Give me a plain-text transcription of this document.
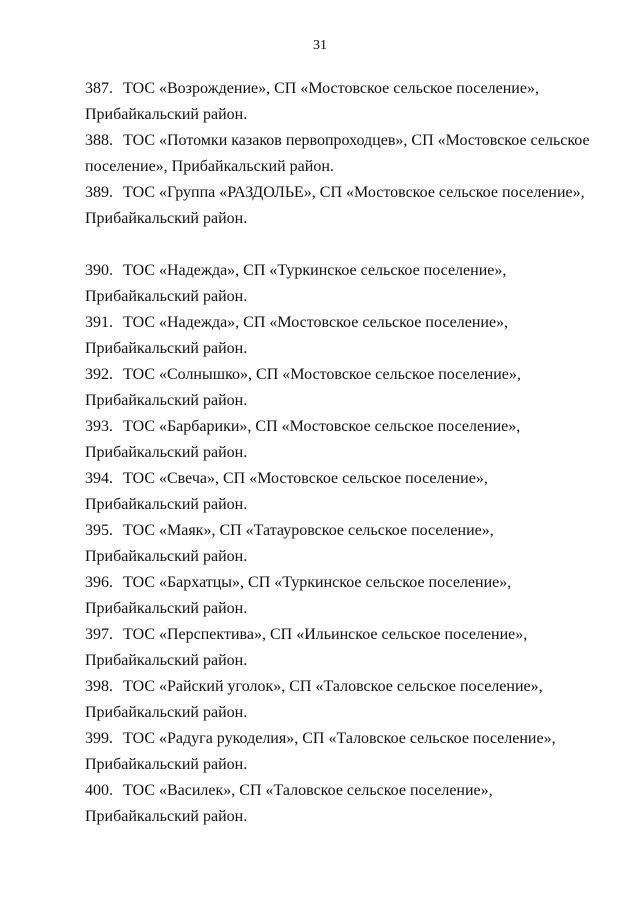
31
387. ТОС «Возрождение», СП «Мостовское сельское поселение»,
Прибайкальский район.
388. ТОС «Потомки казаков первопроходцев», СП «Мостовское сельское
поселение», Прибайкальский район.
389. ТОС «Группа «РАЗДОЛЬЕ», СП «Мостовское сельское поселение»,
Прибайкальский район.
390. ТОС «Надежда», СП «Туркинское сельское поселение»,
Прибайкальский район.
391. ТОС «Надежда», СП «Мостовское сельское поселение»,
Прибайкальский район.
392. ТОС «Солнышко», СП «Мостовское сельское поселение»,
Прибайкальский район.
393. ТОС «Барбарики», СП «Мостовское сельское поселение»,
Прибайкальский район.
394. ТОС «Свеча», СП «Мостовское сельское поселение»,
Прибайкальский район.
395. ТОС «Маяк», СП «Татауровское сельское поселение»,
Прибайкальский район.
396. ТОС «Бархатцы», СП «Туркинское сельское поселение»,
Прибайкальский район.
397. ТОС «Перспектива», СП «Ильинское сельское поселение»,
Прибайкальский район.
398. ТОС «Райский уголок», СП «Таловское сельское поселение»,
Прибайкальский район.
399. ТОС «Радуга рукоделия», СП «Таловское сельское поселение»,
Прибайкальский район.
400. ТОС «Василек», СП «Таловское сельское поселение»,
Прибайкальский район.
